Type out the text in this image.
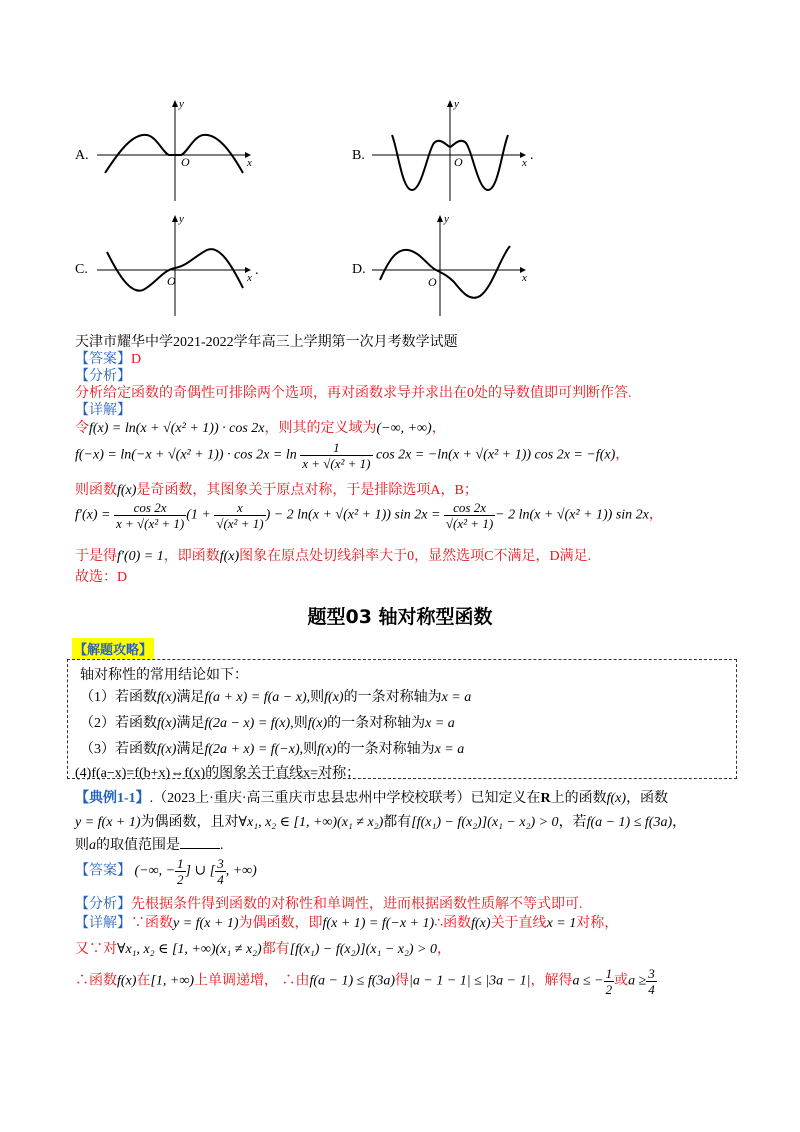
A.	O	x
y
B.	O	x
y
.
C.
O	x
y
.	D.
O	x
y
天津市耀华中学2021-2022学年高三上学期第一次月考数学试题
【答案】D
【分析】
分析给定函数的奇偶性可排除两个选项，再对函数求导并求出在0处的导数值即可判断作答.
【详解】
令f(x) = ln(x + √(x² + 1)) · cos 2x，则其的定义域为(−∞, +∞)，
$f(-x) = \ln(-x + √(x^2 + 1)) \cdot \cos 2x = \ln \frac{1}{\text{x + √(x² + 1)}}$ cos 2x = −ln(x + √(x² + 1)) cos 2x = −f(x)，
则函数f(x)是奇函数，其图象关于原点对称，于是排除选项A，B；
$f'(x) = \frac{\cos 2x}{\text{x + √(x² + 1)}} (1 + \frac{x}{\text{√(x² + 1)}}$ ) − 2 ln(x + √(x² + 1)) $\sin 2x = \frac{\cos 2x}{\text{√(x² + 1)}} - 2$ ln(x + √(x² + 1)) sin 2x，
于是得f′(0) = 1，即函数f(x)图象在原点处切线斜率大于0，显然选项C不满足，D满足.
故选：D
题型03 轴对称型函数
【解题攻略】
轴对称性的常用结论如下：
（1）若函数f(x)满足f(a + x) = f(a − x),则f(x)的一条对称轴为x = a
（2）若函数f(x)满足f(2a − x) = f(x),则f(x)的一条对称轴为x = a
（3）若函数f(x)满足f(2a + x) = f(−x),则f(x)的一条对称轴为x = a
(4)f(a−x)=f(b+x)⇔f(x)的图象关于直线x=对称；
【典例1-1】.（2023上·重庆·高三重庆市忠县忠州中学校校联考）已知定义在R上的函数f(x)，函数
y = f(x + 1)为偶函数，且对∀x₁, x₂ ∈ [1, +∞)(x₁ ≠ x₂)都有[f(x₁) − f(x₂)](x₁ − x₂) > 0，若f(a − 1) ≤ f(3a)，
则a的取值范围是	.
【答案】 (−∞, − $\frac{1}{2}$ ] ∪ [ $\frac{3}{4}$ , +∞)
【分析】先根据条件得到函数的对称性和单调性，进而根据函数性质解不等式即可.
【详解】∵函数y = f(x + 1)为偶函数，即f(x + 1) = f(−x + 1)∴函数f(x)关于直线x = 1对称，
又∵对∀x₁, x₂ ∈ [1, +∞)(x₁ ≠ x₂)都有[f(x₁) − f(x₂)](x₁ − x₂) > 0，
∴函数f(x)在[1, +∞)上单调递增， ∴由f(a − 1) ≤ f(3a)得|a − 1 − 1| ≤ |3a − 1|，解得a ≤ − $\frac{1}{2}$ 或$a \ge \frac{3}{4}$
